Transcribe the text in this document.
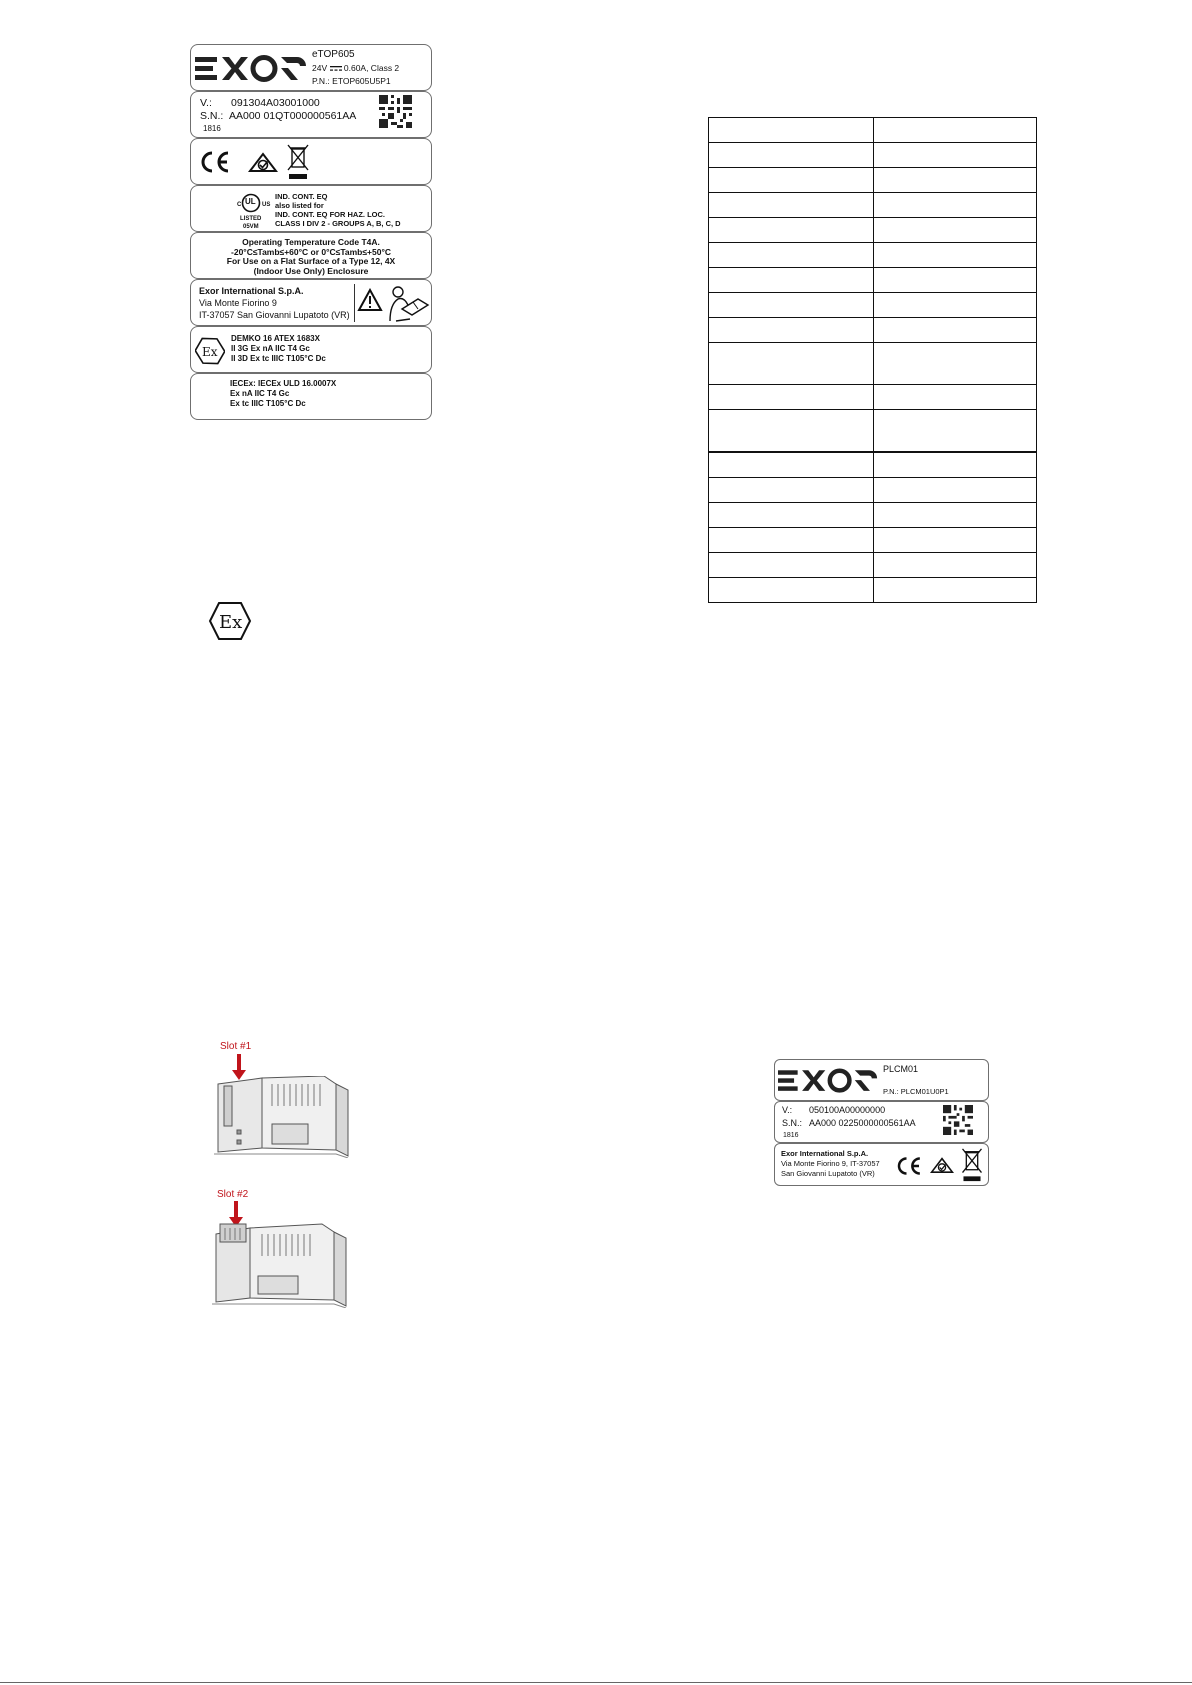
eTOP605
24V 0.60A, Class 2
P.N.: ETOP605U5P1
V.: 091304A03001000
S.N.: AA000 01QT000000561AA
1816
C UL US
LISTED
05VM
IND. CONT. EQ
also listed for
IND. CONT. EQ FOR HAZ. LOC.
CLASS I DIV 2 - GROUPS A, B, C, D
Operating Temperature Code T4A.
-20°C≤Tamb≤+60°C or 0°C≤Tamb≤+50°C
For Use on a Flat Surface of a Type 12, 4X
(Indoor Use Only) Enclosure
Exor International S.p.A.
Via Monte Fiorino 9
IT-37057 San Giovanni Lupatoto (VR)
Ex
DEMKO 16 ATEX 1683X
II 3G Ex nA IIC T4 Gc
II 3D Ex tc IIIC T105°C Dc
IECEx: IECEx ULD 16.0007X
Ex nA IIC T4 Gc
Ex tc IIIC T105°C Dc

Ex
Slot #1
Slot #2
PLCM01
P.N.: PLCM01U0P1
V.: 050100A00000000
S.N.: AA000 0225000000561AA
1816
Exor International S.p.A.
Via Monte Fiorino 9, IT-37057
San Giovanni Lupatoto (VR)
